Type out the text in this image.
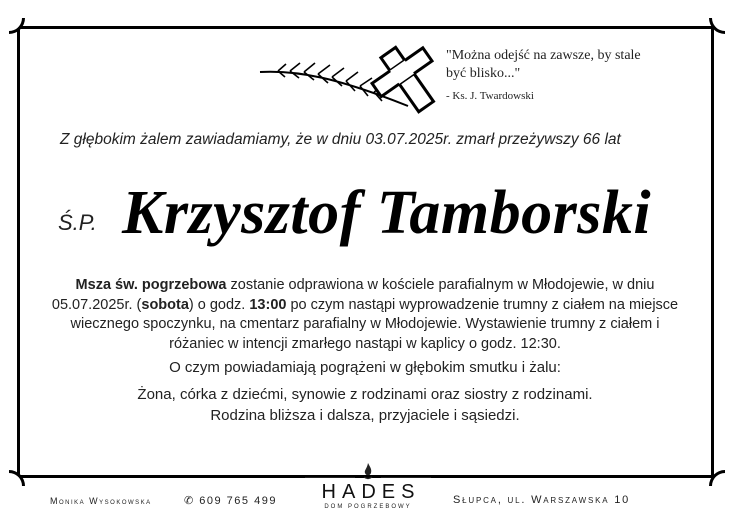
"Można odejść na zawsze, by stale
być blisko..."
- Ks. J. Twardowski
Z głębokim żalem zawiadamiamy, że w dniu 03.07.2025r. zmarł przeżywszy 66 lat
Ś.P. Krzysztof Tamborski

Msza św. pogrzebowa zostanie odprawiona w kościele parafialnym w Młodojewie, w dniu 05.07.2025r. (sobota) o godz. 13:00 po czym nastąpi wyprowadzenie trumny z ciałem na miejsce wiecznego spoczynku, na cmentarz parafialny w Młodojewie. Wystawienie trumny z ciałem i różaniec w intencji zmarłego nastąpi w kaplicy o godz. 12:30.

O czym powiadamiają pogrążeni w głębokim smutku i żalu:

Żona, córka z dziećmi, synowie z rodzinami oraz siostry z rodzinami.

Rodzina bliższa i dalsza, przyjaciele i sąsiedzi.

Monika Wysokowska	✆ 609 765 499	HADES
DOM POGRZEBOWY
Słupca, ul. Warszawska 10
